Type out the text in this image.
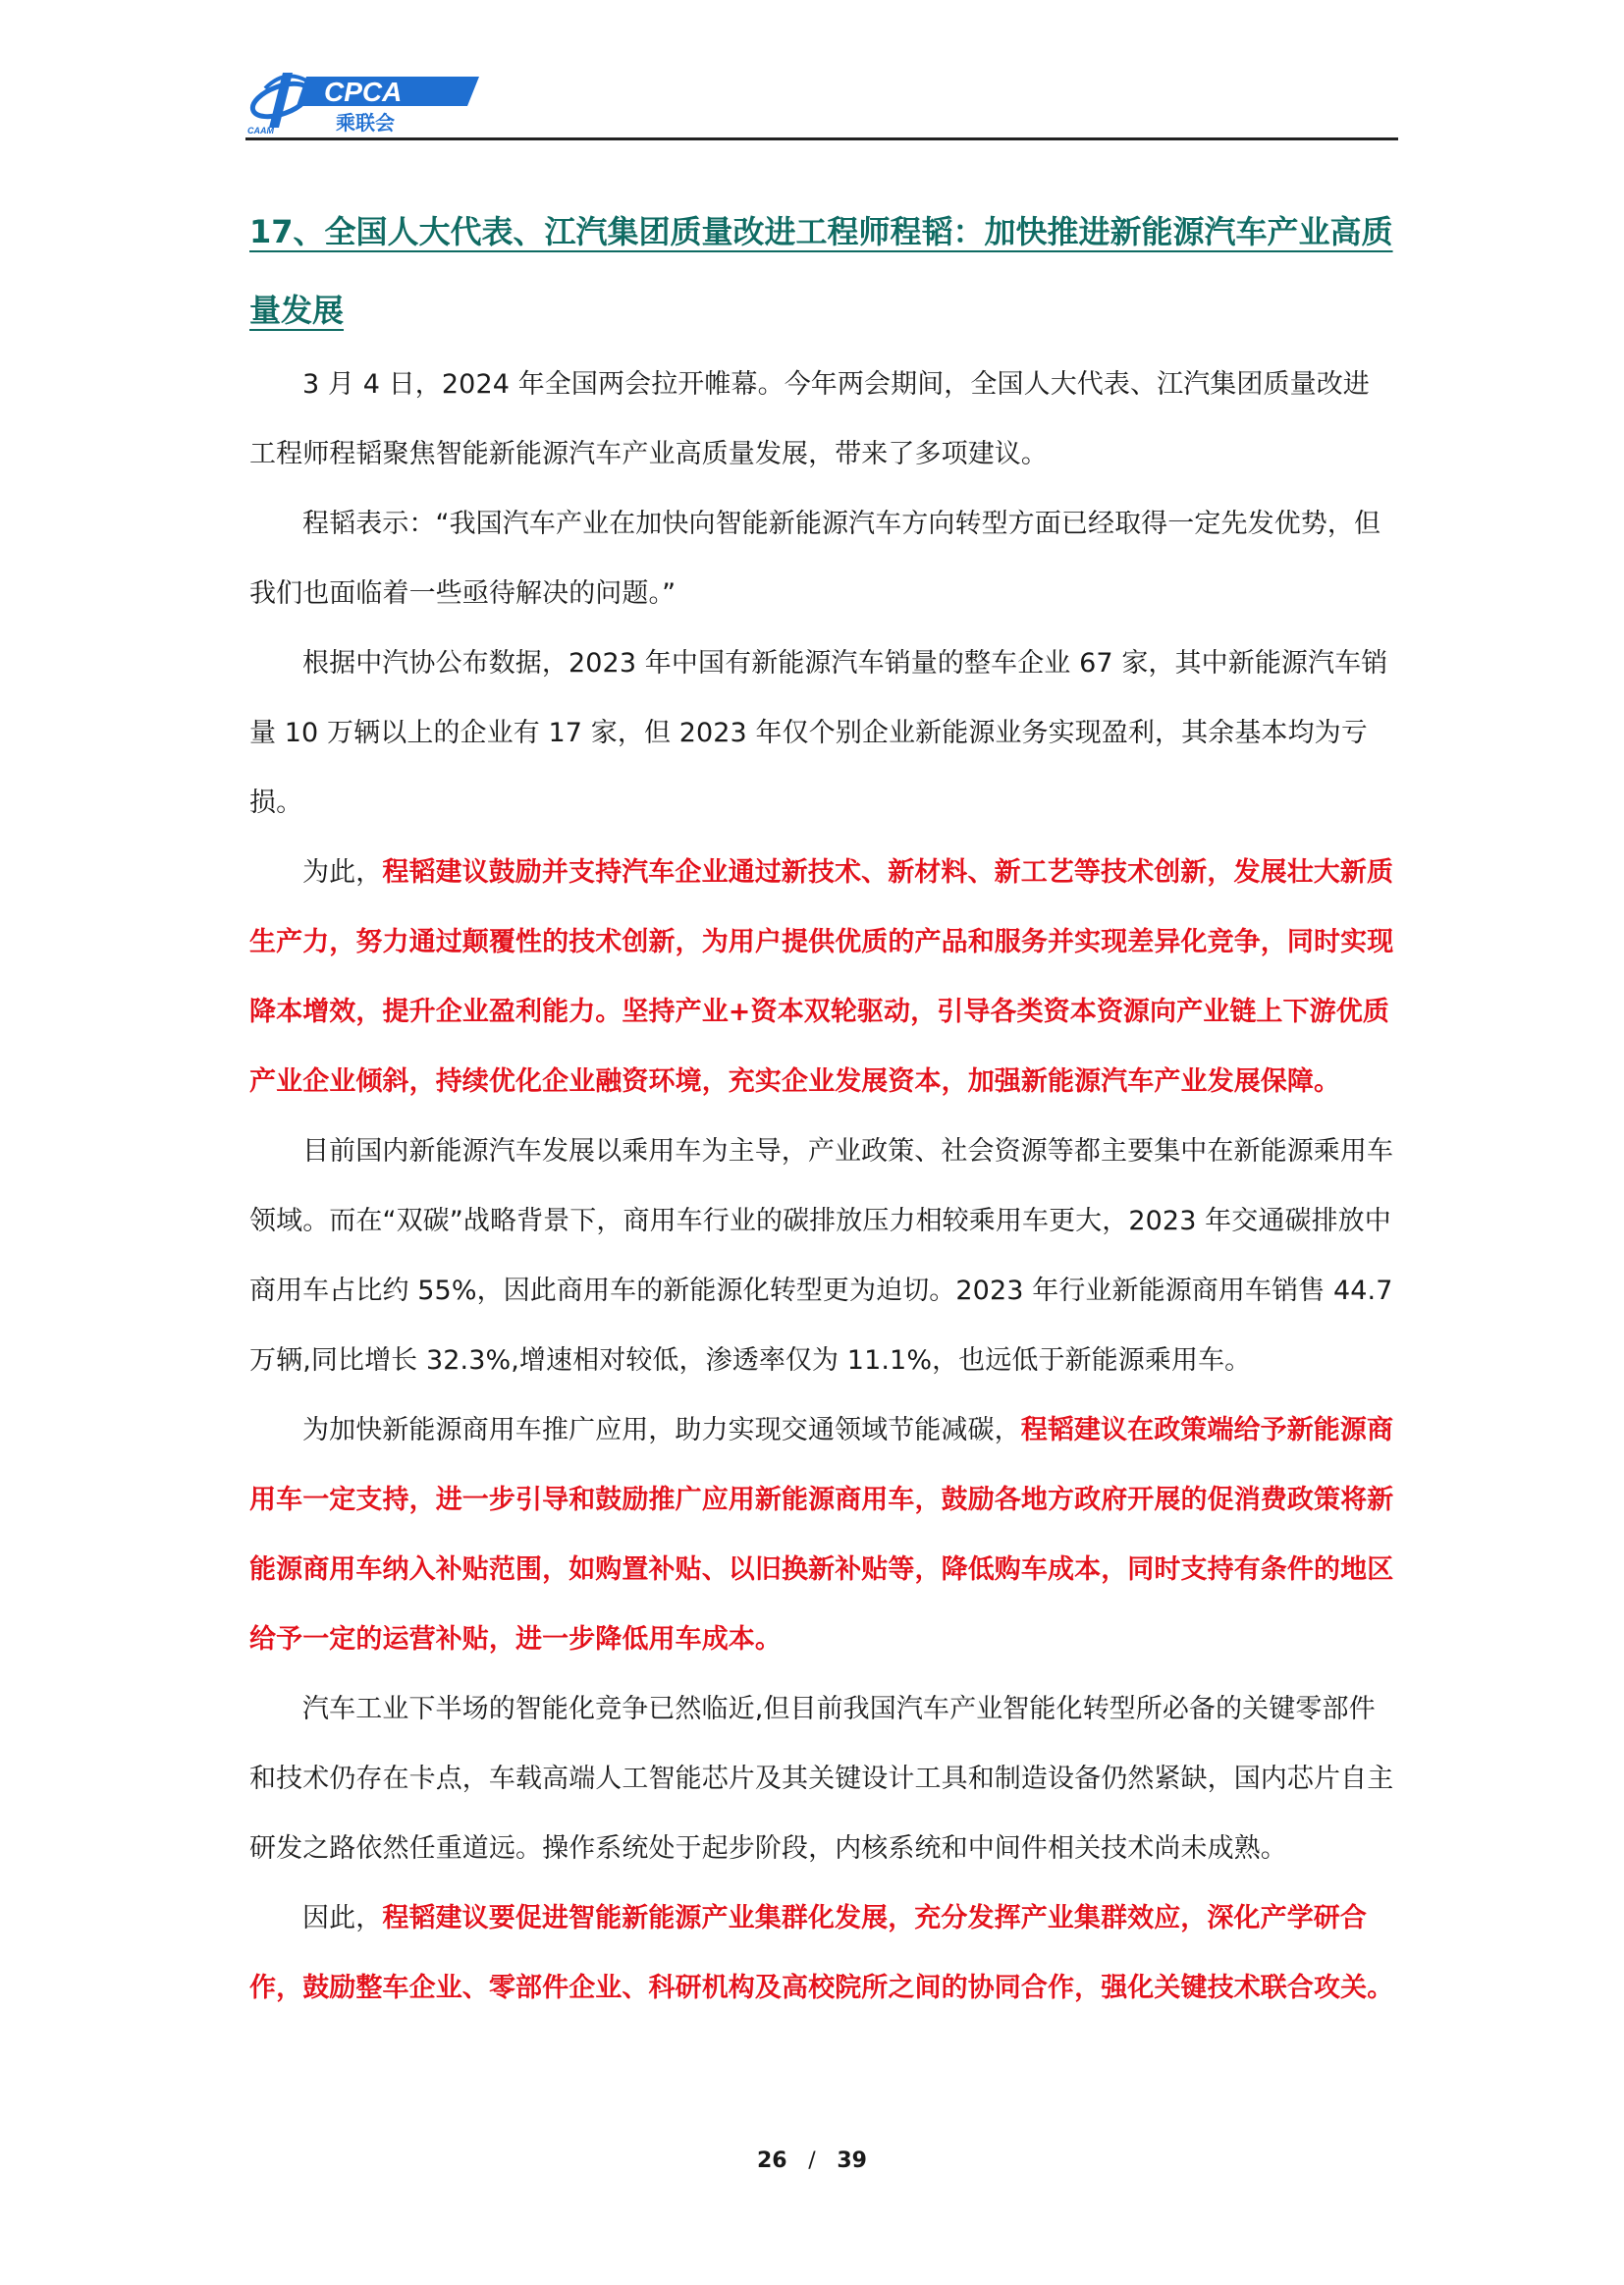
CPCA
乘联会
CAAM
17、全国人大代表、江汽集团质量改进工程师程韬：加快推进新能源汽车产业高质量发展

3 月 4 日，2024 年全国两会拉开帷幕。今年两会期间，全国人大代表、江汽集团质量改进工程师程韬聚焦智能新能源汽车产业高质量发展，带来了多项建议。

程韬表示：“我国汽车产业在加快向智能新能源汽车方向转型方面已经取得一定先发优势，但我们也面临着一些亟待解决的问题。”

根据中汽协公布数据，2023 年中国有新能源汽车销量的整车企业 67 家，其中新能源汽车销量 10 万辆以上的企业有 17 家，但 2023 年仅个别企业新能源业务实现盈利，其余基本均为亏损。

为此，程韬建议鼓励并支持汽车企业通过新技术、新材料、新工艺等技术创新，发展壮大新质生产力，努力通过颠覆性的技术创新，为用户提供优质的产品和服务并实现差异化竞争，同时实现降本增效，提升企业盈利能力。坚持产业+资本双轮驱动，引导各类资本资源向产业链上下游优质产业企业倾斜，持续优化企业融资环境，充实企业发展资本，加强新能源汽车产业发展保障。

目前国内新能源汽车发展以乘用车为主导，产业政策、社会资源等都主要集中在新能源乘用车领域。而在“双碳”战略背景下，商用车行业的碳排放压力相较乘用车更大，2023 年交通碳排放中商用车占比约 55%，因此商用车的新能源化转型更为迫切。2023 年行业新能源商用车销售 44.7 万辆,同比增长 32.3%,增速相对较低，渗透率仅为 11.1%，也远低于新能源乘用车。

为加快新能源商用车推广应用，助力实现交通领域节能减碳，程韬建议在政策端给予新能源商用车一定支持，进一步引导和鼓励推广应用新能源商用车，鼓励各地方政府开展的促消费政策将新能源商用车纳入补贴范围，如购置补贴、以旧换新补贴等，降低购车成本，同时支持有条件的地区给予一定的运营补贴，进一步降低用车成本。

汽车工业下半场的智能化竞争已然临近,但目前我国汽车产业智能化转型所必备的关键零部件和技术仍存在卡点，车载高端人工智能芯片及其关键设计工具和制造设备仍然紧缺，国内芯片自主研发之路依然任重道远。操作系统处于起步阶段，内核系统和中间件相关技术尚未成熟。

因此，程韬建议要促进智能新能源产业集群化发展，充分发挥产业集群效应，深化产学研合作，鼓励整车企业、零部件企业、科研机构及高校院所之间的协同合作，强化关键技术联合攻关。

26 / 39
